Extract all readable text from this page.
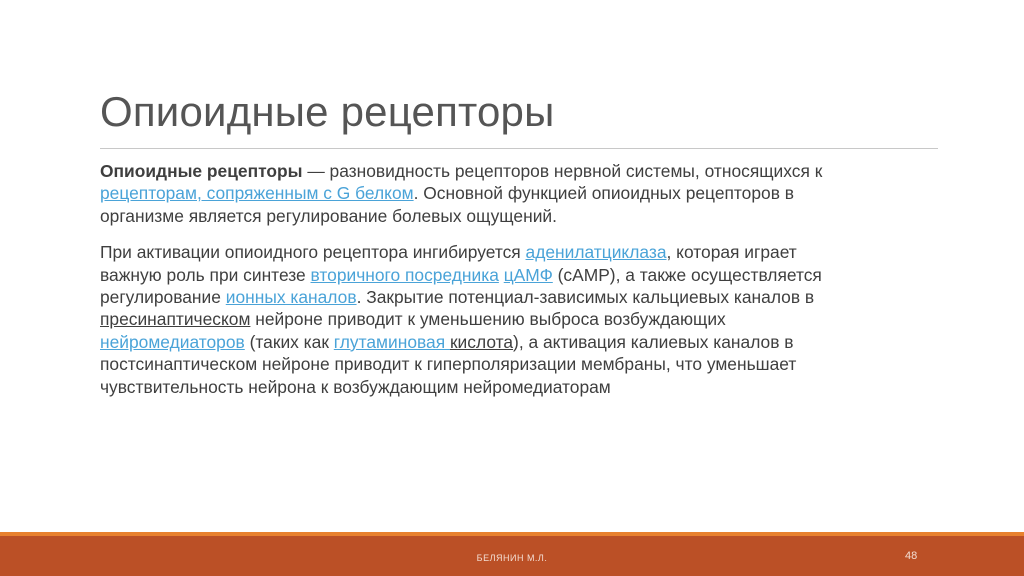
Опиоидные рецепторы
Опиоидные рецепторы — разновидность рецепторов нервной системы, относящихся к
рецепторам, сопряженным с G белком. Основной функцией опиоидных рецепторов в
организме является регулирование болевых ощущений.
При активации опиоидного рецептора ингибируется аденилатциклаза, которая играет
важную роль при синтезе вторичного посредника цАМФ (cAMP), а также осуществляется
регулирование ионных каналов. Закрытие потенциал-зависимых кальциевых каналов в
пресинаптическом нейроне приводит к уменьшению выброса возбуждающих
нейромедиаторов (таких как глутаминовая кислота), а активация калиевых каналов в
постсинаптическом нейроне приводит к гиперполяризации мембраны, что уменьшает
чувствительность нейрона к возбуждающим нейромедиаторам
БЕЛЯНИН М.Л.	48
